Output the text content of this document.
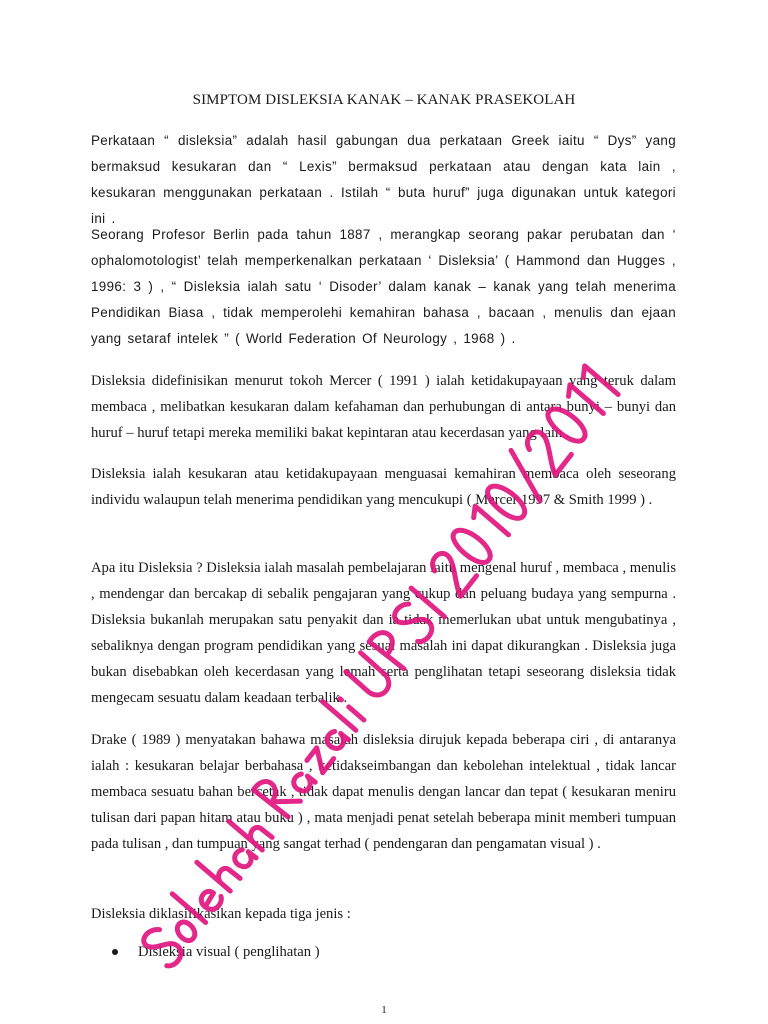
SIMPTOM DISLEKSIA KANAK – KANAK PRASEKOLAH

Perkataan “ disleksia” adalah hasil gabungan dua perkataan Greek iaitu “ Dys” yang bermaksud kesukaran dan “ Lexis” bermaksud perkataan atau dengan kata lain , kesukaran menggunakan perkataan . Istilah “ buta huruf” juga digunakan untuk kategori ini .

Seorang Profesor Berlin pada tahun 1887 , merangkap seorang pakar perubatan dan ‘ ophalomotologist’ telah memperkenalkan perkataan ‘ Disleksia’ ( Hammond dan Hugges , 1996: 3 ) , “ Disleksia ialah satu ‘ Disoder’ dalam kanak – kanak yang telah menerima Pendidikan Biasa , tidak memperolehi kemahiran bahasa , bacaan , menulis dan ejaan yang setaraf intelek ” ( World Federation Of Neurology , 1968 ) .

Disleksia didefinisikan menurut tokoh Mercer ( 1991 ) ialah ketidakupayaan yang teruk dalam membaca , melibatkan kesukaran dalam kefahaman dan perhubungan di antara bunyi – bunyi dan huruf – huruf tetapi mereka memiliki bakat kepintaran atau kecerdasan yang lain .

Disleksia ialah kesukaran atau ketidakupayaan menguasai kemahiran membaca oleh seseorang individu walaupun telah menerima pendidikan yang mencukupi ( Mercer 1997 & Smith 1999 ) .

Apa itu Disleksia ? Disleksia ialah masalah pembelajaran iaitu mengenal huruf , membaca , menulis , mendengar dan bercakap di sebalik pengajaran yang cukup dan peluang budaya yang sempurna . Disleksia bukanlah merupakan satu penyakit dan ia tidak memerlukan ubat untuk mengubatinya , sebaliknya dengan program pendidikan yang sesuai masalah ini dapat dikurangkan . Disleksia juga bukan disebabkan oleh kecerdasan yang lemah serta penglihatan tetapi seseorang disleksia tidak mengecam sesuatu dalam keadaan terbalik .

Drake ( 1989 ) menyatakan bahawa masalah disleksia dirujuk kepada beberapa ciri , di antaranya ialah : kesukaran belajar berbahasa , ketidakseimbangan dan kebolehan intelektual , tidak lancar membaca sesuatu bahan bercetak , tidak dapat menulis dengan lancar dan tepat ( kesukaran meniru tulisan dari papan hitam atau buku ) , mata menjadi penat setelah beberapa minit memberi tumpuan pada tulisan , dan tumpuan yang sangat terhad ( pendengaran dan pengamatan visual ) .

Disleksia diklasifikasikan kepada tiga jenis :

Disleksia visual ( penglihatan )
1
